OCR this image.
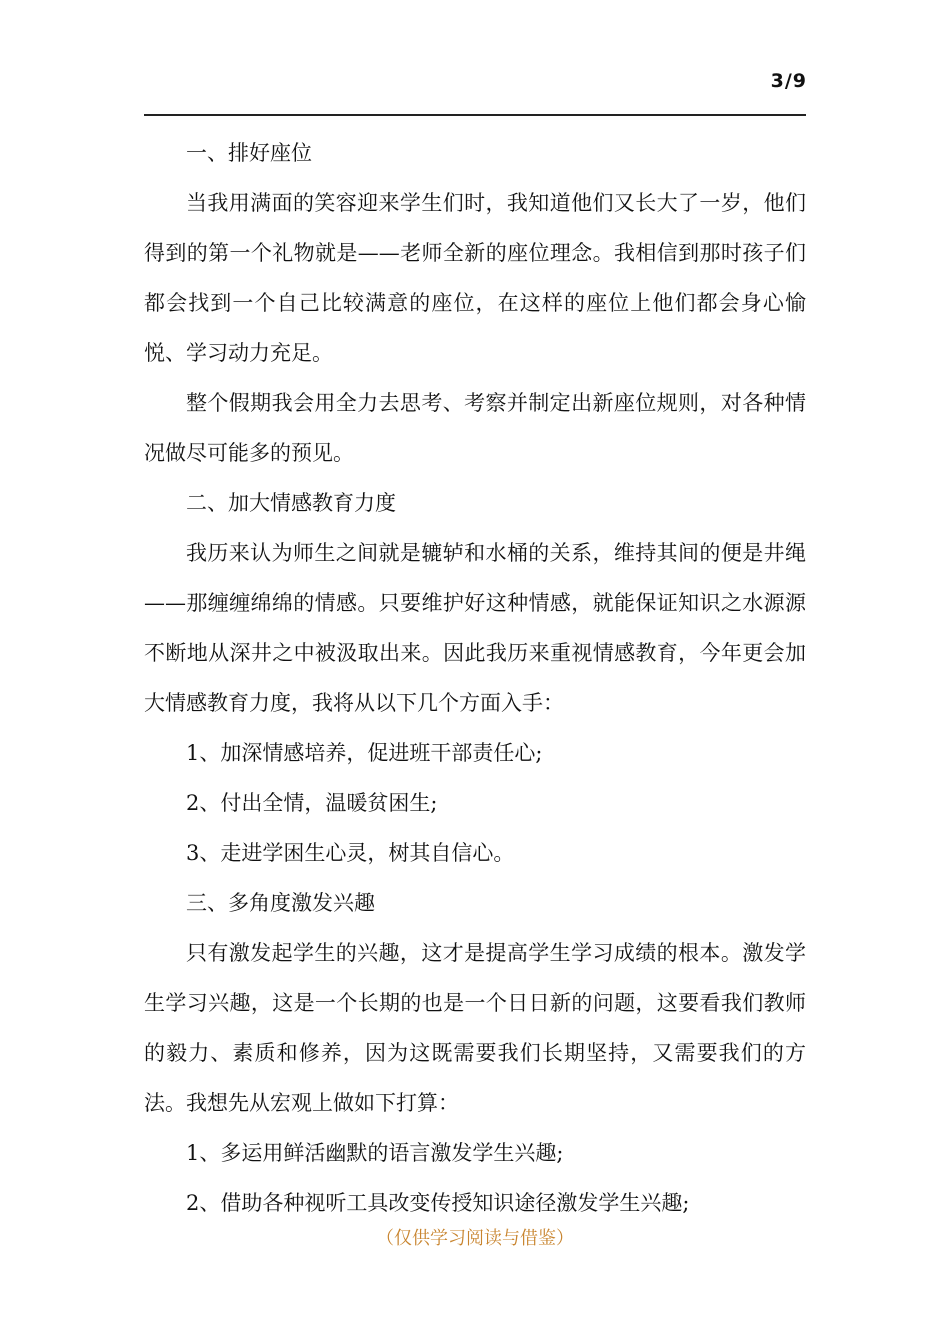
3/9

一、排好座位

当我用满面的笑容迎来学生们时，我知道他们又长大了一岁，他们得到的第一个礼物就是——老师全新的座位理念。我相信到那时孩子们都会找到一个自己比较满意的座位，在这样的座位上他们都会身心愉悦、学习动力充足。

整个假期我会用全力去思考、考察并制定出新座位规则，对各种情况做尽可能多的预见。

二、加大情感教育力度

我历来认为师生之间就是辘轳和水桶的关系，维持其间的便是井绳——那缠缠绵绵的情感。只要维护好这种情感，就能保证知识之水源源不断地从深井之中被汲取出来。因此我历来重视情感教育，今年更会加大情感教育力度，我将从以下几个方面入手：

1、加深情感培养，促进班干部责任心;

2、付出全情，温暖贫困生;

3、走进学困生心灵，树其自信心。

三、多角度激发兴趣

只有激发起学生的兴趣，这才是提高学生学习成绩的根本。激发学生学习兴趣，这是一个长期的也是一个日日新的问题，这要看我们教师的毅力、素质和修养，因为这既需要我们长期坚持，又需要我们的方法。我想先从宏观上做如下打算：

1、多运用鲜活幽默的语言激发学生兴趣;

2、借助各种视听工具改变传授知识途径激发学生兴趣;

（仅供学习阅读与借鉴）
